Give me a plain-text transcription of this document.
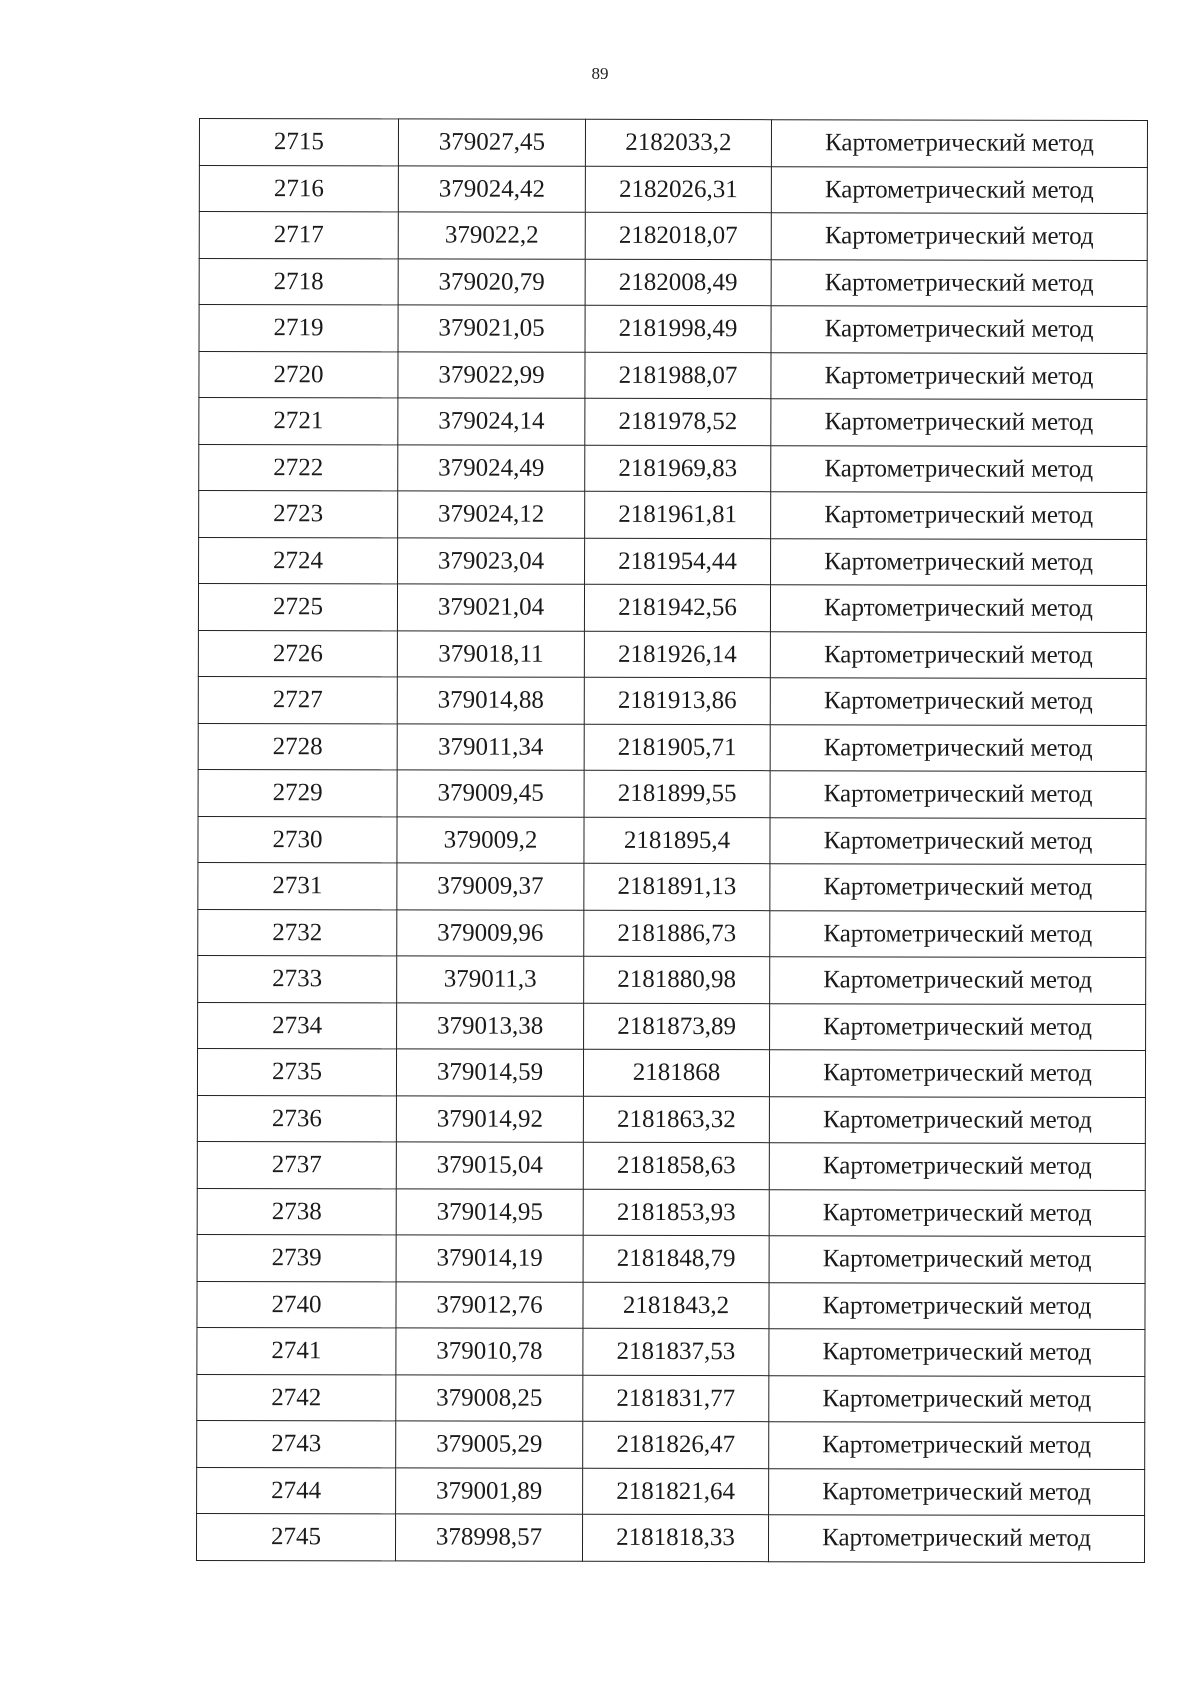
89
2715	379027,45	2182033,2	Картометрический метод
2716	379024,42	2182026,31	Картометрический метод
2717	379022,2	2182018,07	Картометрический метод
2718	379020,79	2182008,49	Картометрический метод
2719	379021,05	2181998,49	Картометрический метод
2720	379022,99	2181988,07	Картометрический метод
2721	379024,14	2181978,52	Картометрический метод
2722	379024,49	2181969,83	Картометрический метод
2723	379024,12	2181961,81	Картометрический метод
2724	379023,04	2181954,44	Картометрический метод
2725	379021,04	2181942,56	Картометрический метод
2726	379018,11	2181926,14	Картометрический метод
2727	379014,88	2181913,86	Картометрический метод
2728	379011,34	2181905,71	Картометрический метод
2729	379009,45	2181899,55	Картометрический метод
2730	379009,2	2181895,4	Картометрический метод
2731	379009,37	2181891,13	Картометрический метод
2732	379009,96	2181886,73	Картометрический метод
2733	379011,3	2181880,98	Картометрический метод
2734	379013,38	2181873,89	Картометрический метод
2735	379014,59	2181868	Картометрический метод
2736	379014,92	2181863,32	Картометрический метод
2737	379015,04	2181858,63	Картометрический метод
2738	379014,95	2181853,93	Картометрический метод
2739	379014,19	2181848,79	Картометрический метод
2740	379012,76	2181843,2	Картометрический метод
2741	379010,78	2181837,53	Картометрический метод
2742	379008,25	2181831,77	Картометрический метод
2743	379005,29	2181826,47	Картометрический метод
2744	379001,89	2181821,64	Картометрический метод
2745	378998,57	2181818,33	Картометрический метод
